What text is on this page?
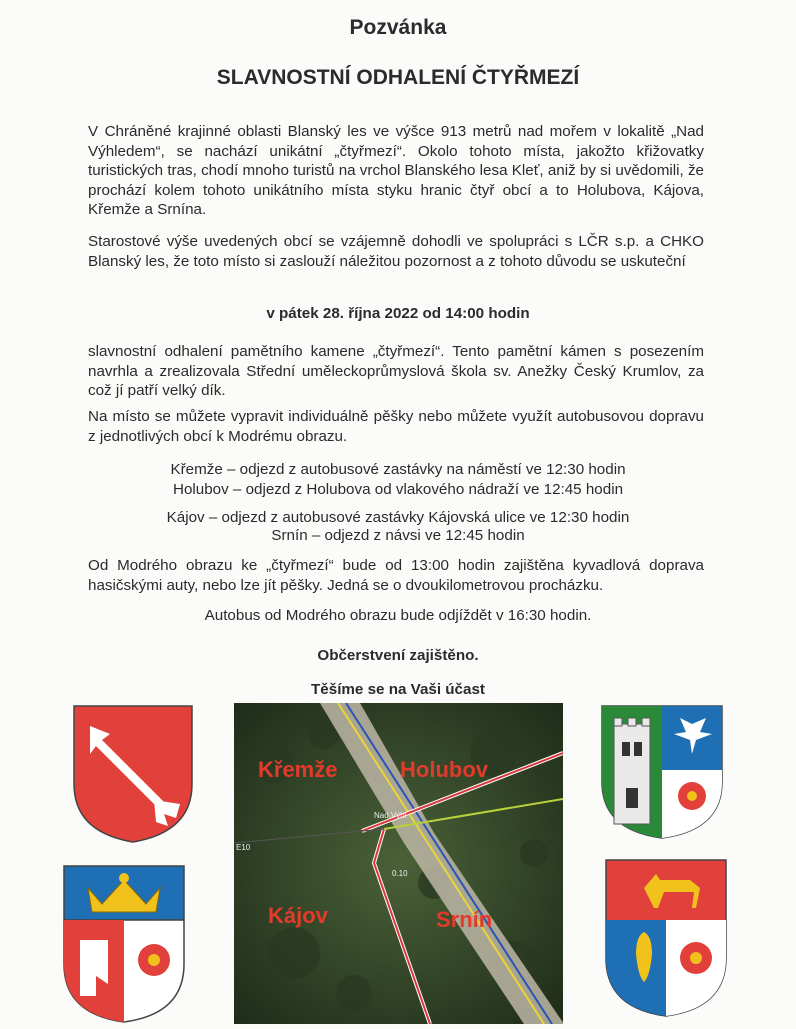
Pozvánka
SLAVNOSTNÍ ODHALENÍ ČTYŘMEZÍ
V Chráněné krajinné oblasti Blanský les ve výšce 913 metrů nad mořem v lokalitě „Nad Výhledem“, se nachází unikátní „čtyřmezí“. Okolo tohoto místa, jakožto křižovatky turistických tras, chodí mnoho turistů na vrchol Blanského lesa Kleť, aniž by si uvědomili, že prochází kolem tohoto unikátního místa styku hranic čtyř obcí a to Holubova, Kájova, Křemže a Srnína.
Starostové výše uvedených obcí se vzájemně dohodli ve spolupráci s LČR s.p. a CHKO Blanský les, že toto místo si zaslouží náležitou pozornost a z tohoto důvodu se uskuteční
v pátek 28. října 2022 od 14:00 hodin
slavnostní odhalení pamětního kamene „čtyřmezí“. Tento pamětní kámen s posezením navrhla a zrealizovala Střední uměleckoprůmyslová škola sv. Anežky Český Krumlov, za což jí patří velký dík.
Na místo se můžete vypravit individuálně pěšky nebo můžete využít autobusovou dopravu z jednotlivých obcí k Modrému obrazu.
Křemže – odjezd z autobusové zastávky na náměstí ve 12:30 hodin
Holubov – odjezd z Holubova od vlakového nádraží ve 12:45 hodin
Kájov – odjezd z autobusové zastávky Kájovská ulice ve 12:30 hodin
Srnín – odjezd z návsi ve 12:45 hodin
Od Modrého obrazu ke „čtyřmezí“ bude od 13:00 hodin zajištěna kyvadlová doprava hasičskými auty, nebo lze jít pěšky. Jedná se o dvoukilometrovou procházku.
Autobus od Modrého obrazu bude odjíždět v 16:30 hodin.
Občerstvení zajištěno.
Těšíme se na Vaši účast
Křemže	Holubov
Kájov	Srnín
Nad Výhl
E10
0.10
